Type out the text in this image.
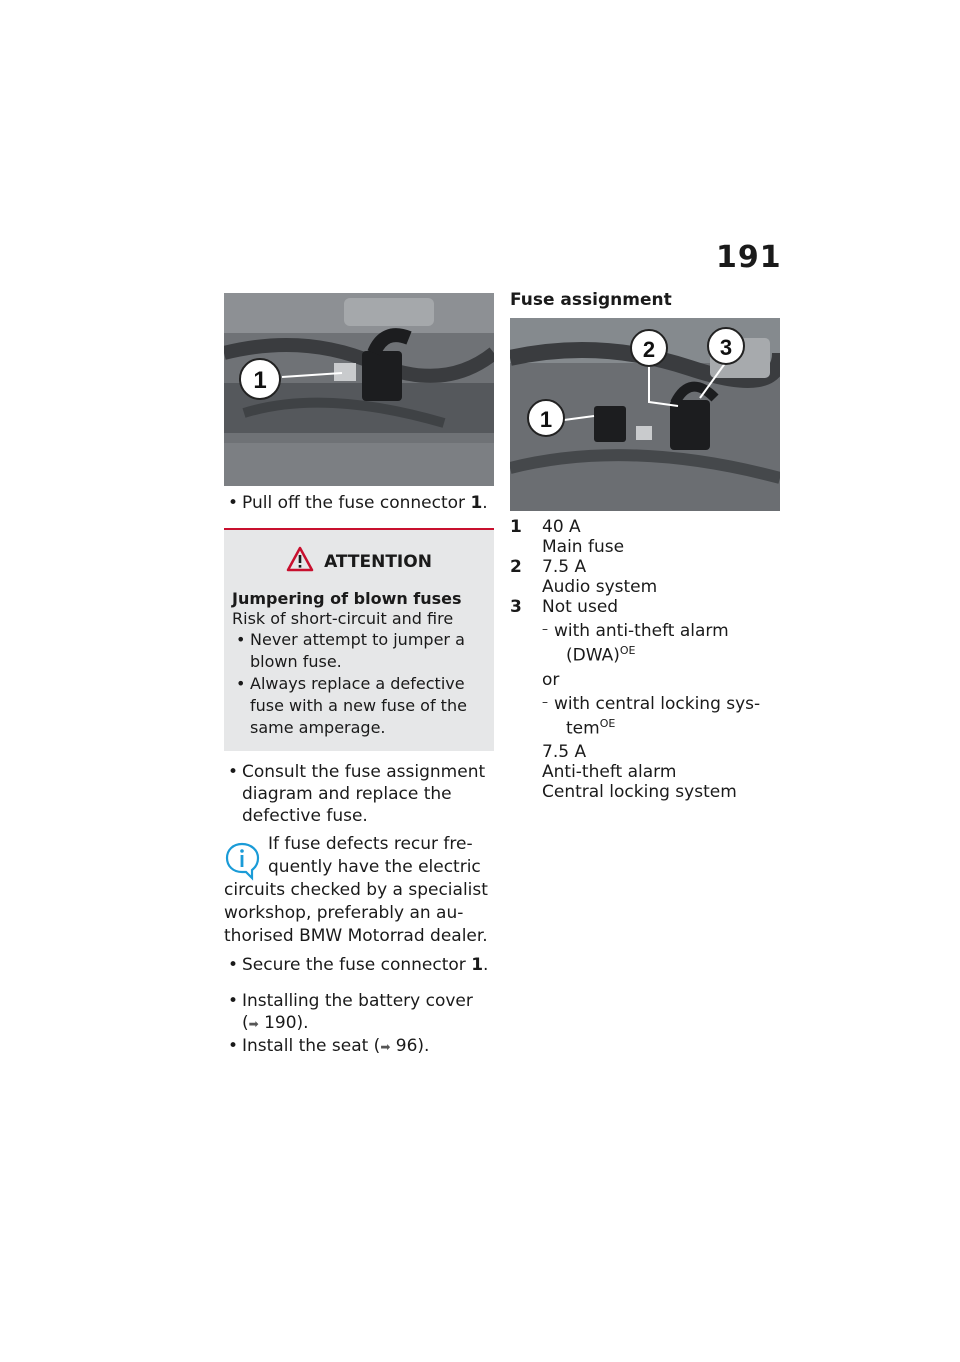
191
1
• Pull off the fuse connector 1.
ATTENTION
Jumpering of blown fuses
Risk of short-circuit and fire
• Never attempt to jumper a blown fuse.
• Always replace a defective fuse with a new fuse of the same amperage.
• Consult the fuse assignment diagram and replace the defective fuse.
If fuse defects recur fre-
quently have the electric
circuits checked by a specialist
workshop, preferably an au-
thorised BMW Motorrad dealer.
• Secure the fuse connector 1.
• Installing the battery cover
(➡ 190).
• Install the seat (➡ 96).
Fuse assignment
1
2	3
1	40 A
Main fuse
2	7.5 A
Audio system
3	Not used
– with anti-theft alarm
(DWA)$^{OE}$
or
– with central locking sys-
tem$^{OE}$
7.5 A
Anti-theft alarm
Central locking system
